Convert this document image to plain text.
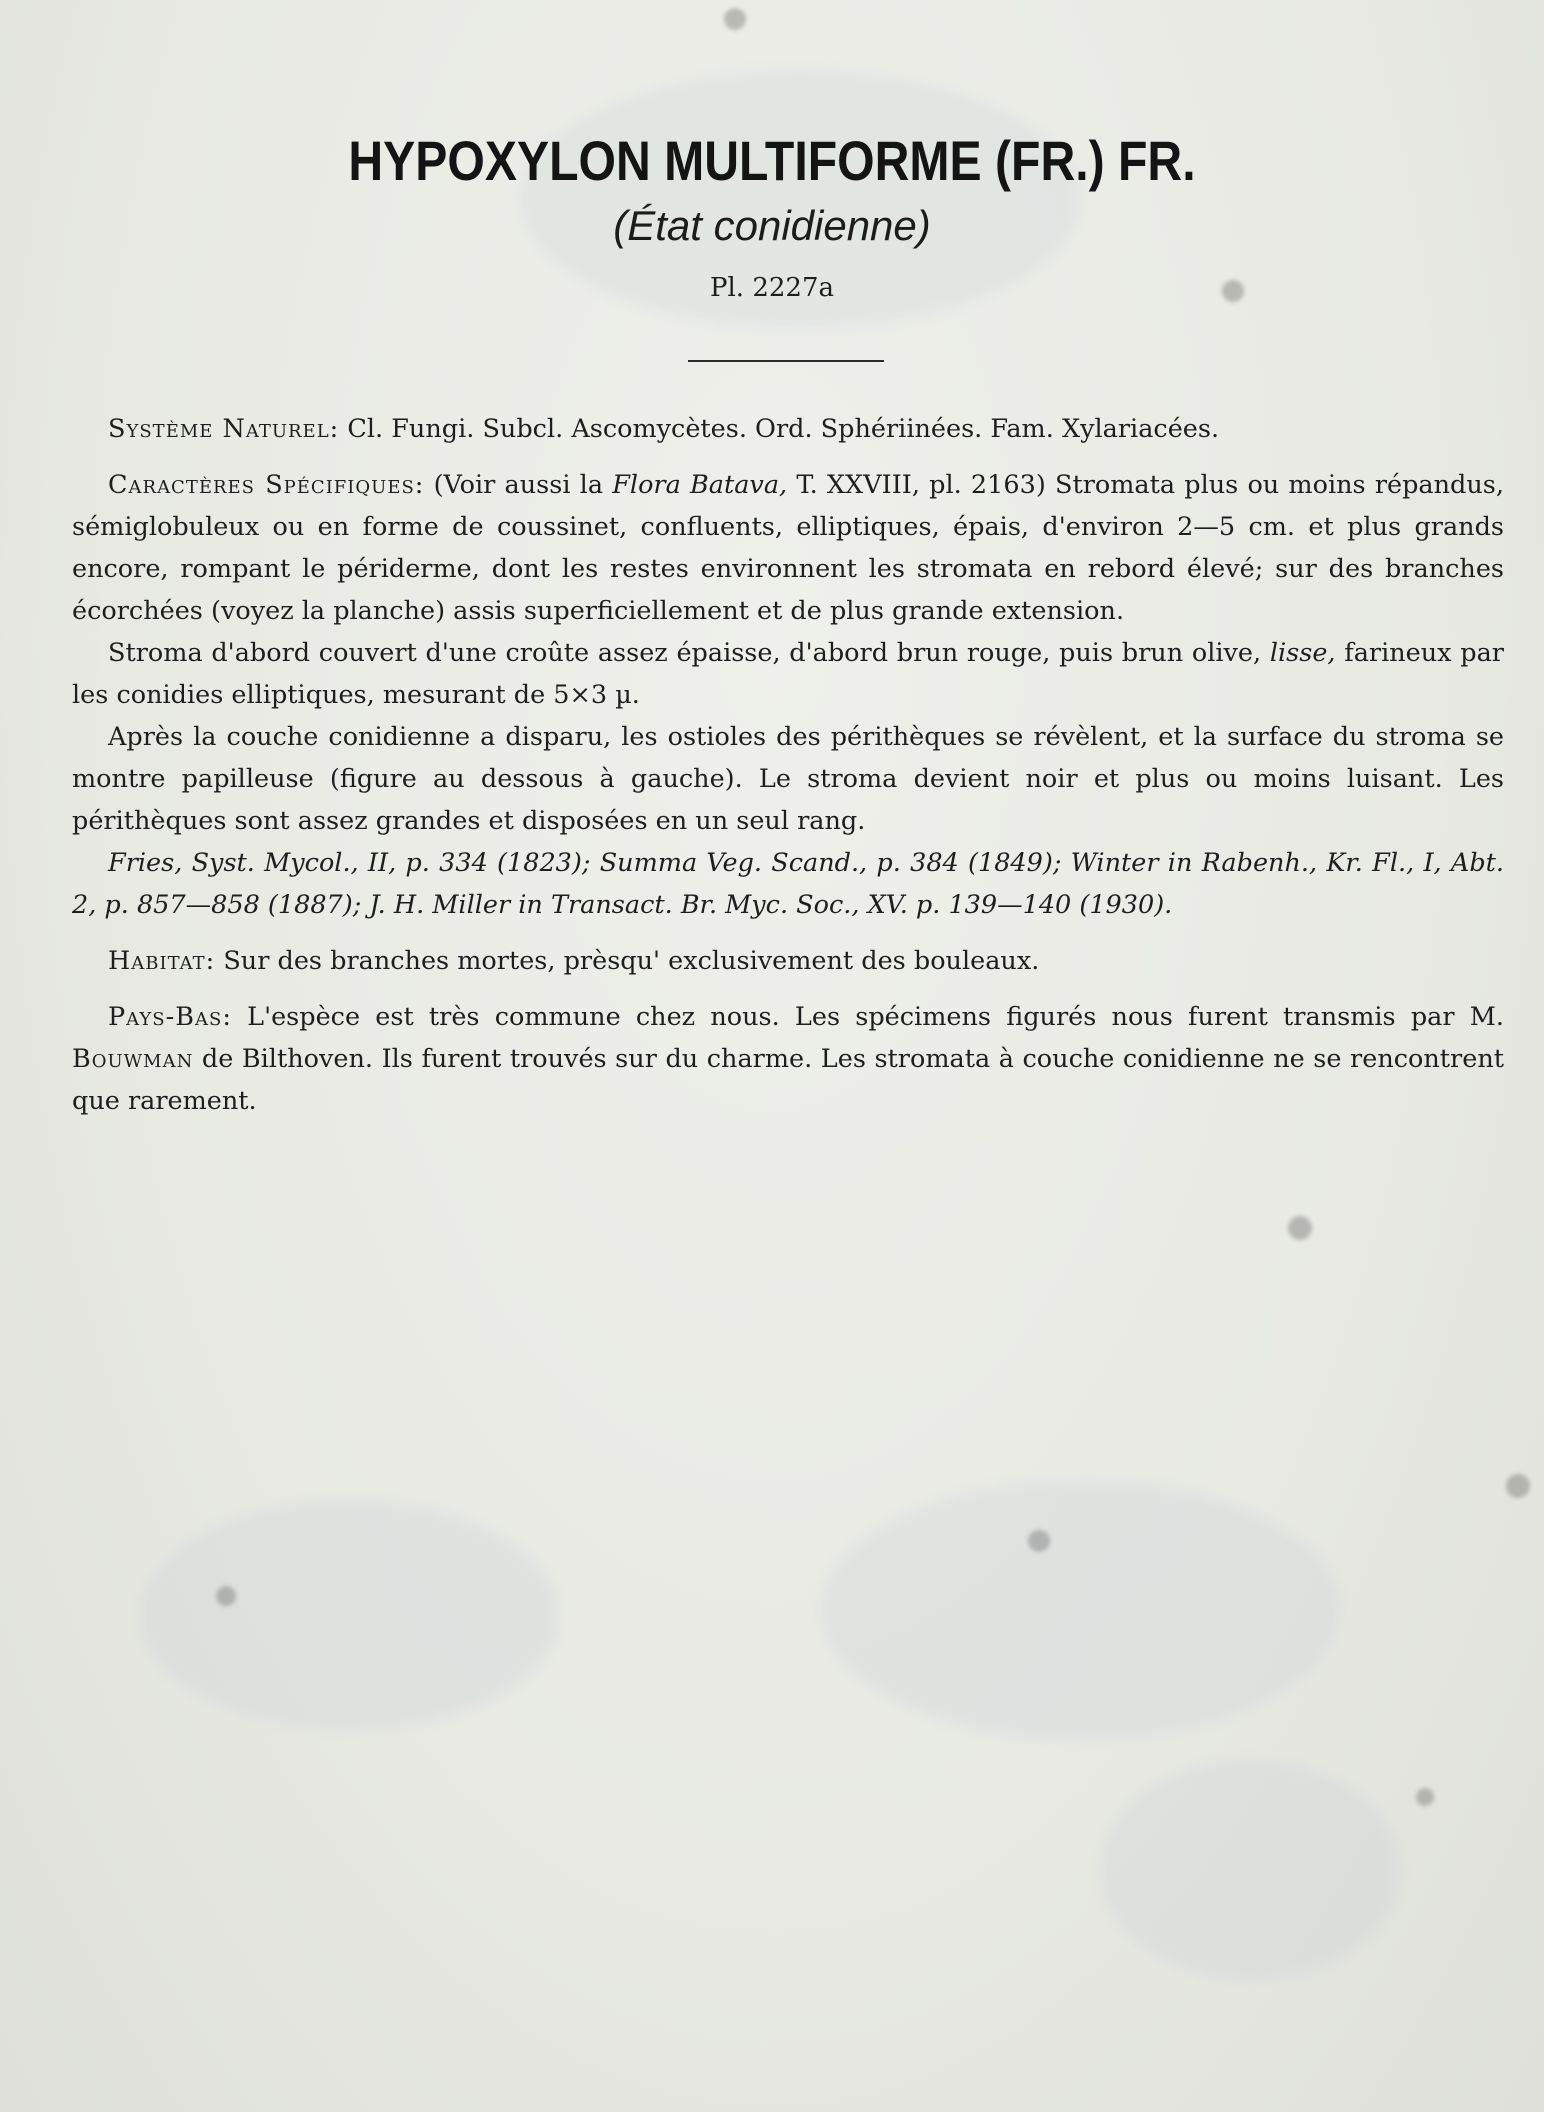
HYPOXYLON MULTIFORME (FR.) FR.

(État conidienne)

Pl. 2227a

Système Naturel: Cl. Fungi. Subcl. Ascomycètes. Ord. Sphériinées. Fam. Xylariacées.

Caractères Spécifiques: (Voir aussi la Flora Batava, T. XXVIII, pl. 2163) Stromata plus ou moins répandus, sémiglobuleux ou en forme de coussinet, confluents, elliptiques, épais, d'environ 2—5 cm. et plus grands encore, rompant le périderme, dont les restes environnent les stromata en rebord élevé; sur des branches écorchées (voyez la planche) assis superficiellement et de plus grande extension.

Stroma d'abord couvert d'une croûte assez épaisse, d'abord brun rouge, puis brun olive, lisse, farineux par les conidies elliptiques, mesurant de 5×3 µ.

Après la couche conidienne a disparu, les ostioles des périthèques se révèlent, et la surface du stroma se montre papilleuse (figure au dessous à gauche). Le stroma devient noir et plus ou moins luisant. Les périthèques sont assez grandes et disposées en un seul rang.

Fries, Syst. Mycol., II, p. 334 (1823); Summa Veg. Scand., p. 384 (1849); Winter in Rabenh., Kr. Fl., I, Abt. 2, p. 857—858 (1887); J. H. Miller in Transact. Br. Myc. Soc., XV. p. 139—140 (1930).

Habitat: Sur des branches mortes, prèsqu' exclusivement des bouleaux.

Pays-Bas: L'espèce est très commune chez nous. Les spécimens figurés nous furent transmis par M. Bouwman de Bilthoven. Ils furent trouvés sur du charme. Les stromata à couche conidienne ne se rencontrent que rarement.
